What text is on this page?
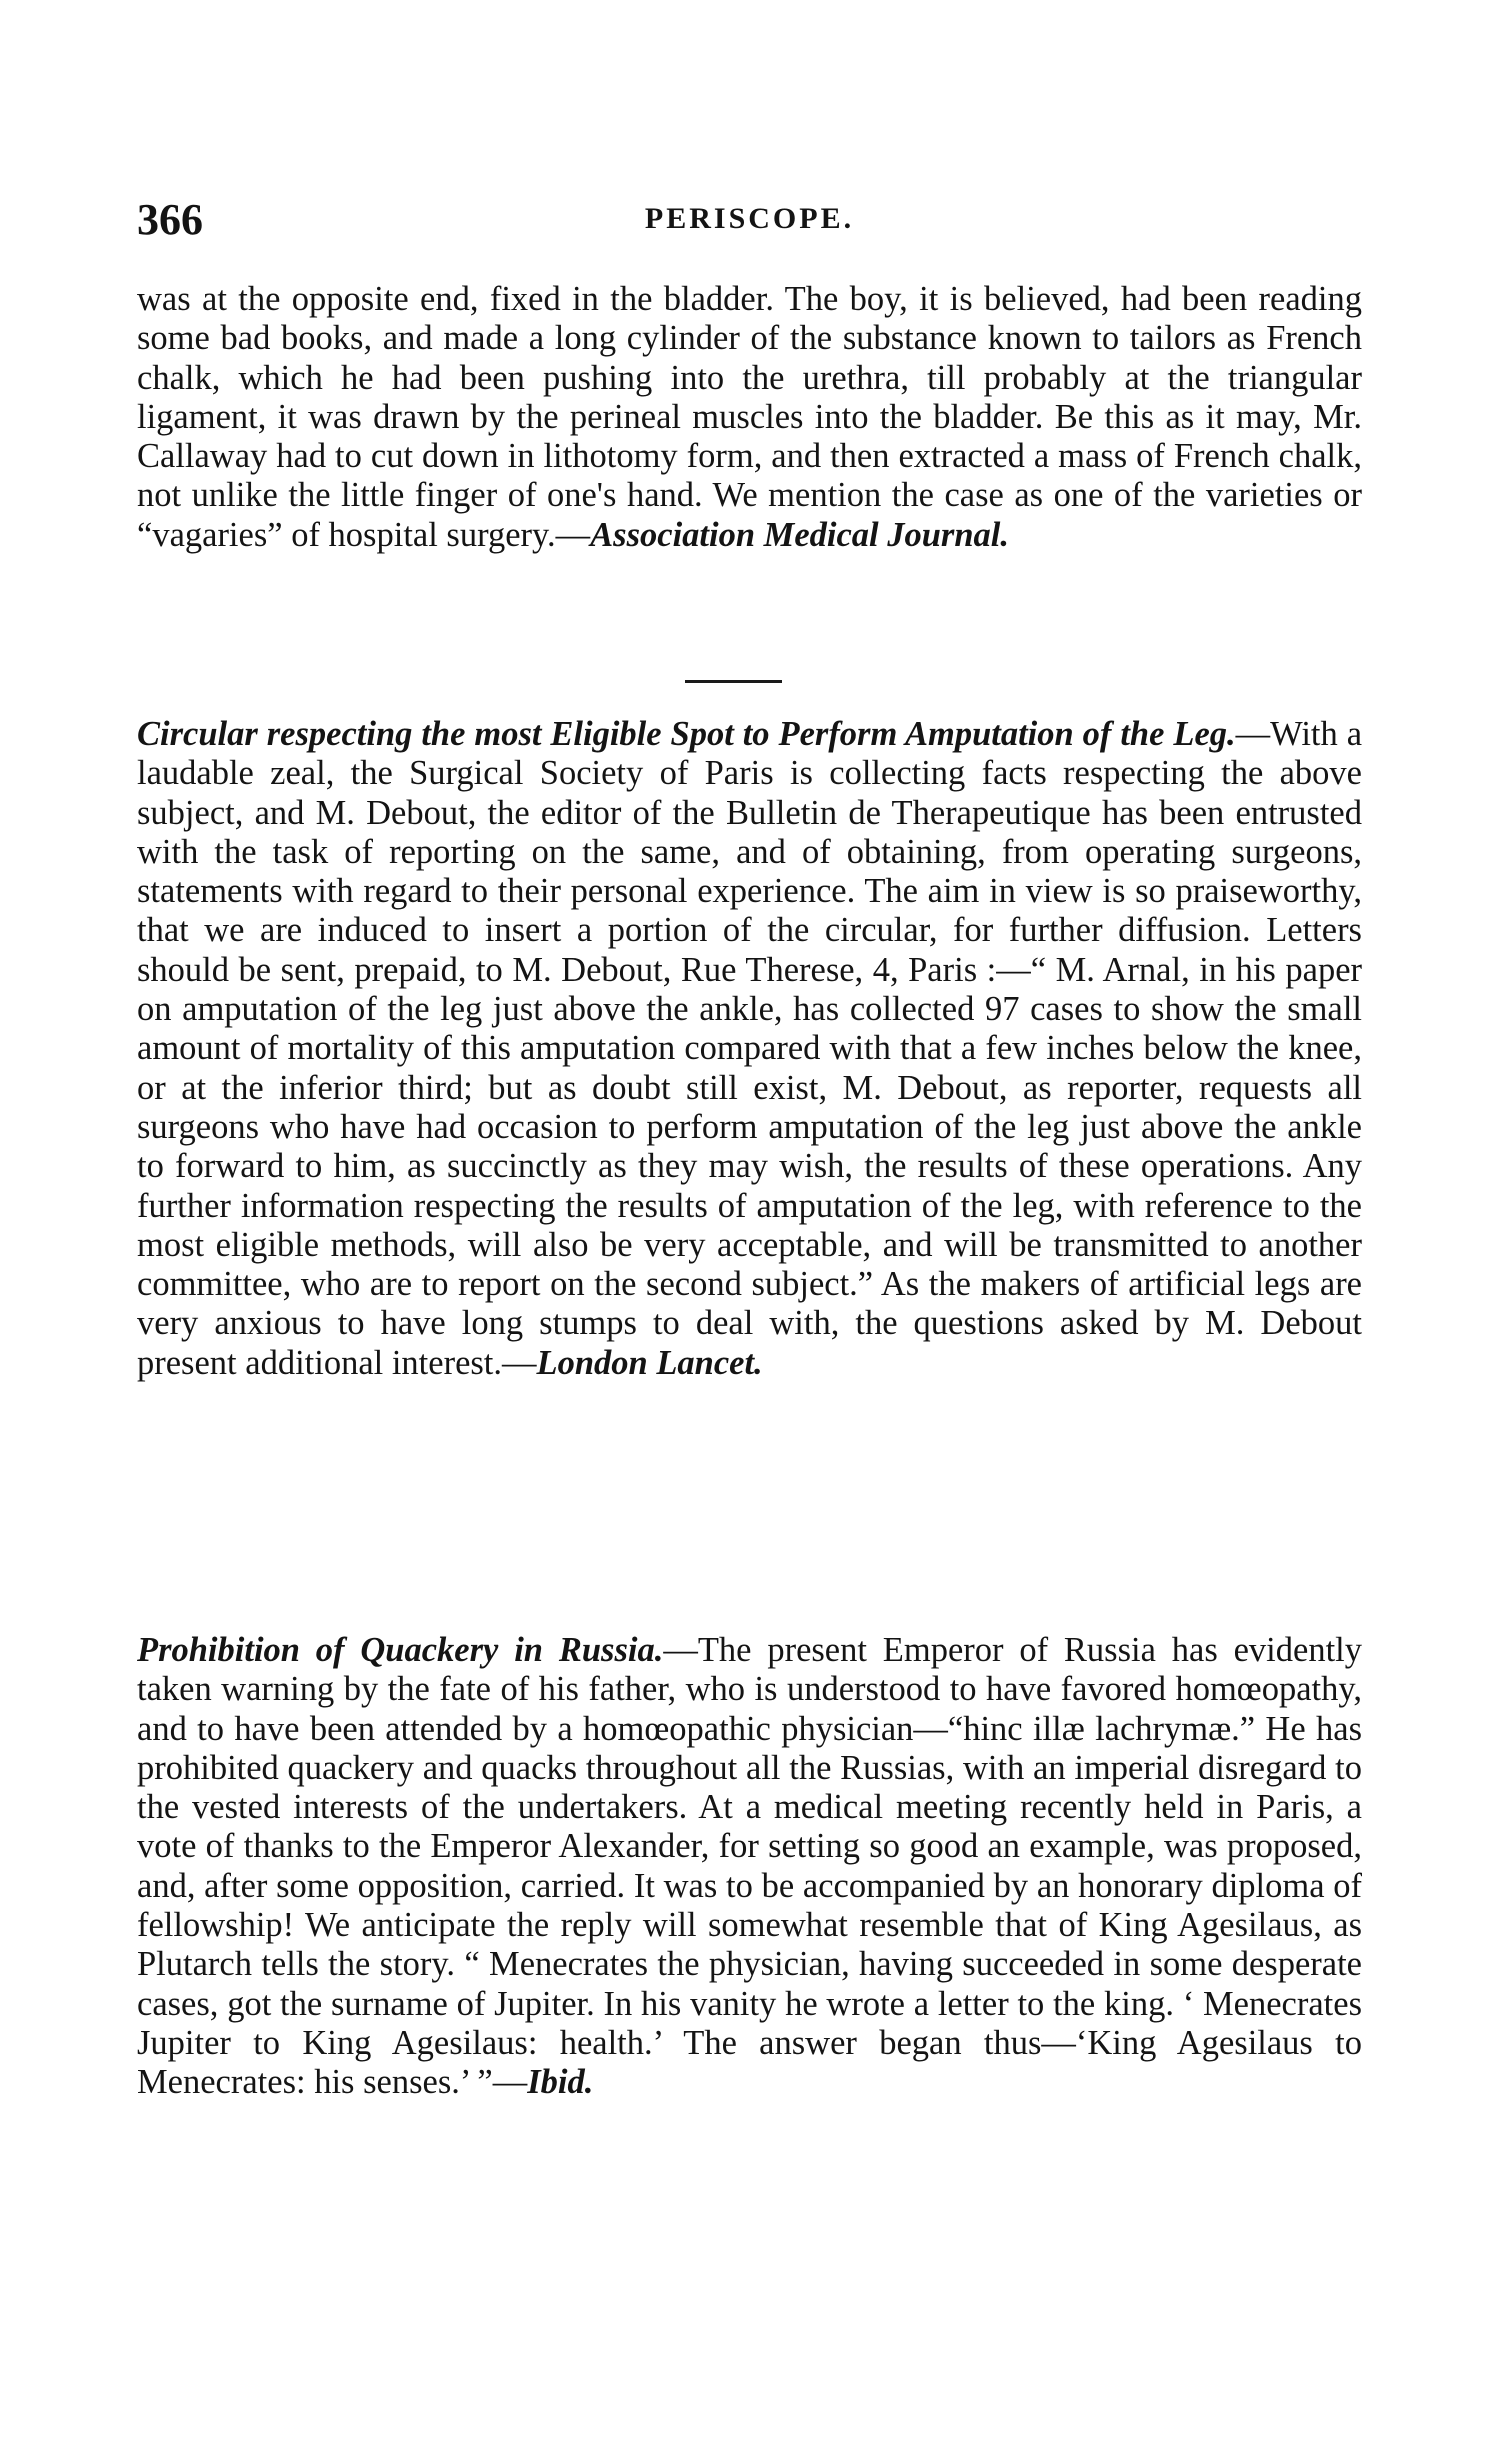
366	PERISCOPE.

was at the opposite end, fixed in the bladder. The boy, it is believed, had been reading some bad books, and made a long cylinder of the substance known to tailors as French chalk, which he had been pushing into the urethra, till probably at the triangular ligament, it was drawn by the perineal muscles into the bladder. Be this as it may, Mr. Callaway had to cut down in lithotomy form, and then extracted a mass of French chalk, not unlike the little finger of one's hand. We mention the case as one of the varieties or “vagaries” of hospital surgery.—Association Medical Journal.

Circular respecting the most Eligible Spot to Perform Amputation of the Leg.—With a laudable zeal, the Surgical Society of Paris is collecting facts respecting the above subject, and M. Debout, the editor of the Bulletin de Therapeutique has been entrusted with the task of reporting on the same, and of obtaining, from operating surgeons, statements with regard to their personal experience. The aim in view is so praiseworthy, that we are induced to insert a portion of the circular, for further diffusion. Letters should be sent, prepaid, to M. Debout, Rue Therese, 4, Paris :—“ M. Arnal, in his paper on amputation of the leg just above the ankle, has collected 97 cases to show the small amount of mortality of this amputation compared with that a few inches below the knee, or at the inferior third; but as doubt still exist, M. Debout, as reporter, requests all surgeons who have had occasion to perform amputation of the leg just above the ankle to forward to him, as succinctly as they may wish, the results of these operations. Any further information respecting the results of amputation of the leg, with reference to the most eligible methods, will also be very acceptable, and will be transmitted to another committee, who are to report on the second subject.” As the makers of artificial legs are very anxious to have long stumps to deal with, the questions asked by M. Debout present additional interest.—London Lancet.

Prohibition of Quackery in Russia.—The present Emperor of Russia has evidently taken warning by the fate of his father, who is understood to have favored homœopathy, and to have been attended by a homœopathic physician—“hinc illæ lachrymæ.” He has prohibited quackery and quacks throughout all the Russias, with an imperial disregard to the vested interests of the undertakers. At a medical meeting recently held in Paris, a vote of thanks to the Emperor Alexander, for setting so good an example, was proposed, and, after some opposition, carried. It was to be accompanied by an honorary diploma of fellowship! We anticipate the reply will somewhat resemble that of King Agesilaus, as Plutarch tells the story. “ Menecrates the physician, having succeeded in some desperate cases, got the surname of Jupiter. In his vanity he wrote a letter to the king. ‘ Menecrates Jupiter to King Agesilaus: health.’ The answer began thus—‘King Agesilaus to Menecrates: his senses.’ ”—Ibid.
